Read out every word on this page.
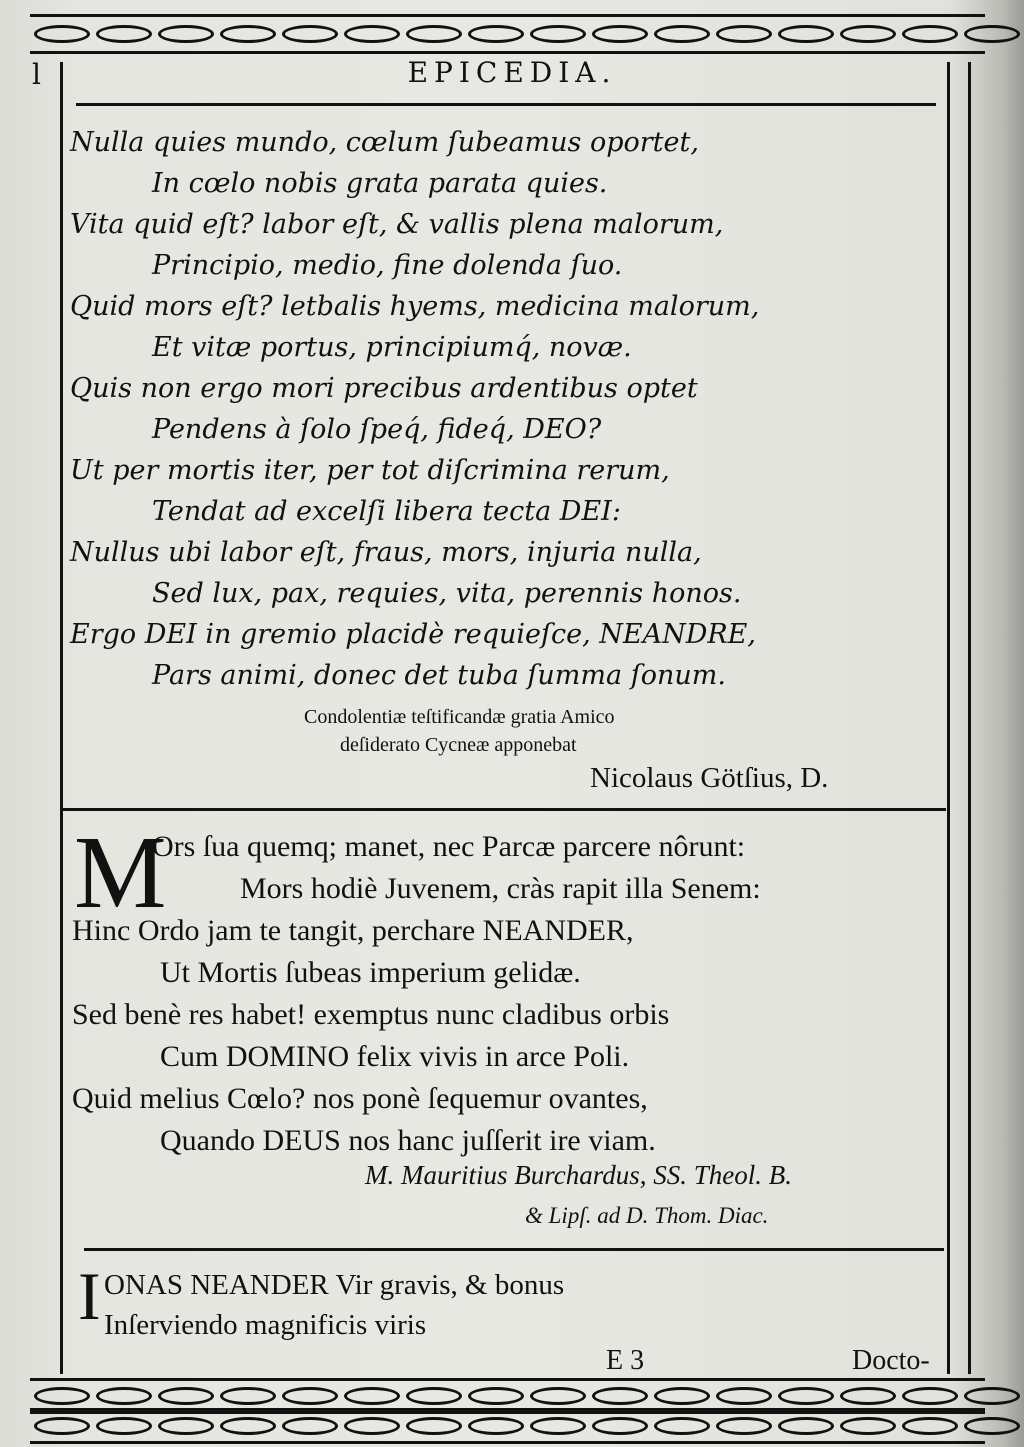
l	EPICEDIA.
Nulla quies mundo, cœlum ſubeamus oportet,
In cœlo nobis grata parata quies.
Vita quid eſt? labor eſt, & vallis plena malorum,
Principio, medio, fine dolenda ſuo.
Quid mors eſt? letbalis hyems, medicina malorum,
Et vitæ portus, principiumq́, novæ.
Quis non ergo mori precibus ardentibus optet
Pendens à ſolo ſpeq́, fideq́, DEO?
Ut per mortis iter, per tot diſcrimina rerum,
Tendat ad excelſi libera tecta DEI:
Nullus ubi labor eſt, fraus, mors, injuria nulla,
Sed lux, pax, requies, vita, perennis honos.
Ergo DEI in gremio placidè requieſce, NEANDRE,
Pars animi, donec det tuba ſumma ſonum.
Condolentiæ teſtificandæ gratia Amico
deſiderato Cycneæ apponebat
Nicolaus Götſius, D.
M
Ors ſua quemq; manet, nec Parcæ parcere nôrunt:
Mors hodiè Juvenem, cràs rapit illa Senem:
Hinc Ordo jam te tangit, perchare NEANDER,
Ut Mortis ſubeas imperium gelidæ.
Sed benè res habet! exemptus nunc cladibus orbis
Cum DOMINO felix vivis in arce Poli.
Quid melius Cœlo? nos ponè ſequemur ovantes,
Quando DEUS nos hanc juſſerit ire viam.
M. Mauritius Burchardus, SS. Theol. B.
& Lipſ. ad D. Thom. Diac.
I ONAS NEANDER Vir gravis, & bonus
Inſerviendo magnificis viris
E 3	Docto-
